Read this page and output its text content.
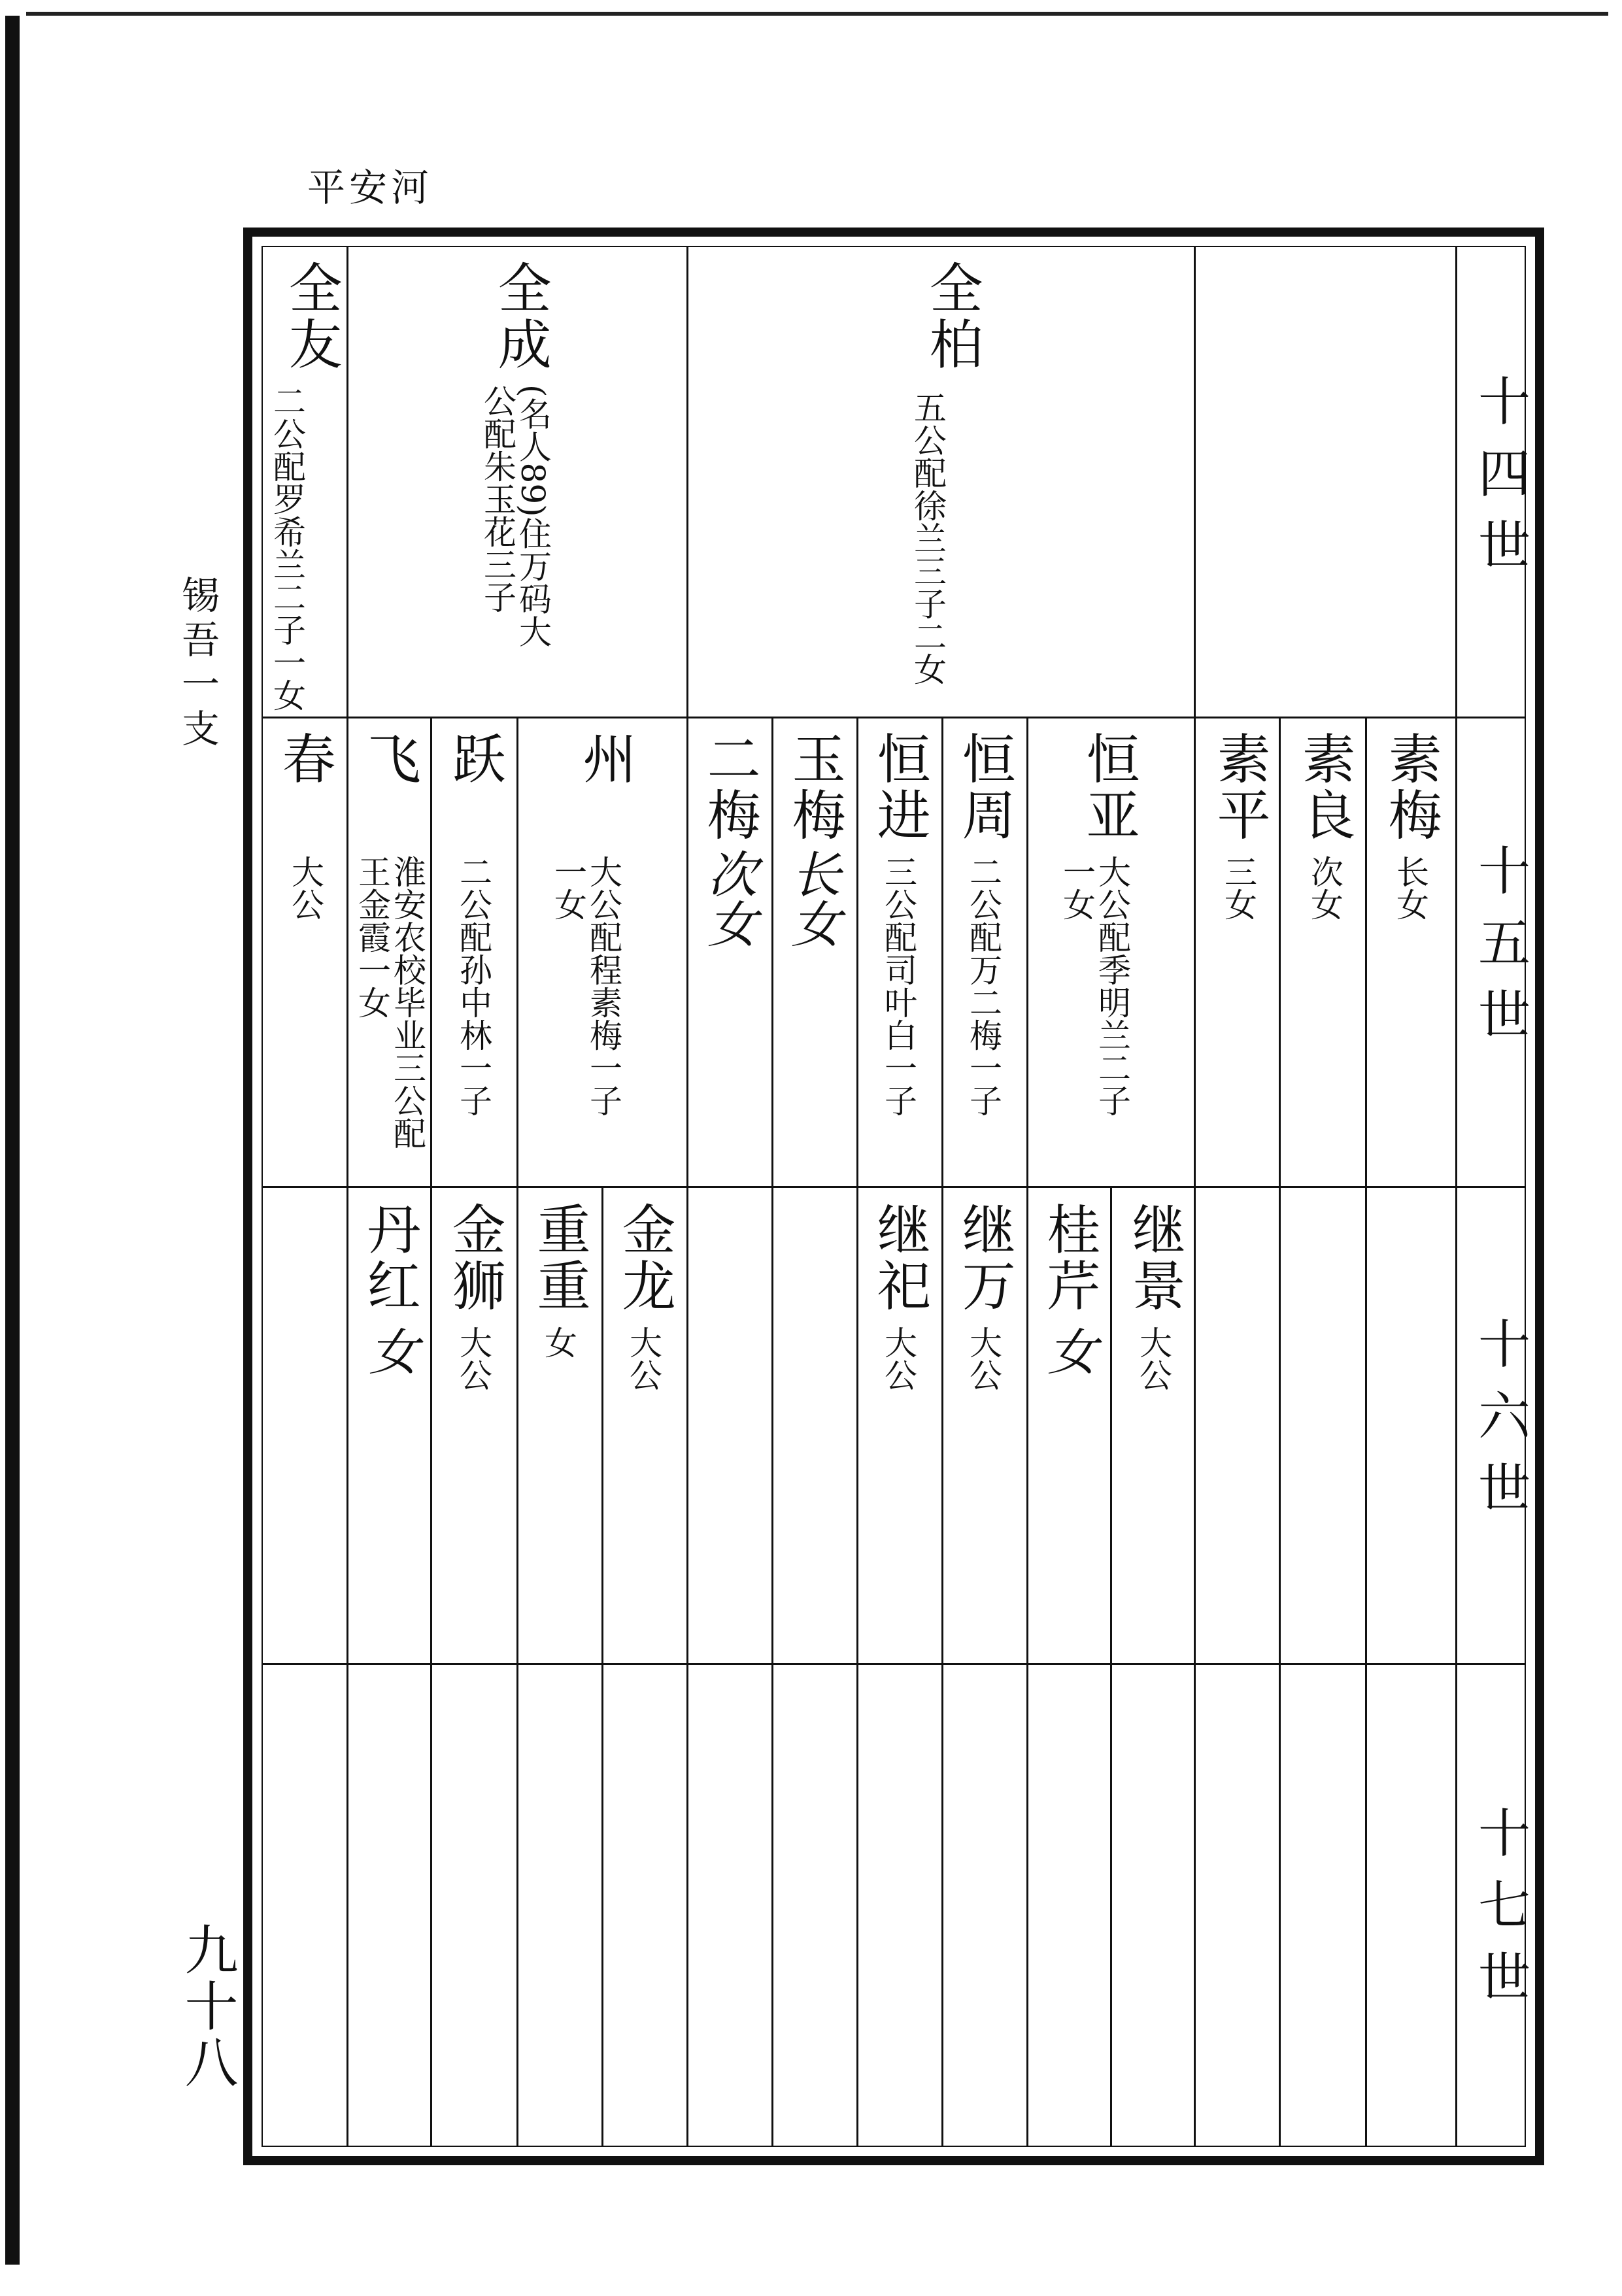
平安河
锡吾一支
九十八
十四世
十五世
十六世
十七世
全友
二公配罗希兰二子一女
全成
(名人89)住万码大公配朱玉花三子
全柏
五公配徐兰三子二女
春
大公
飞
淮安农校毕业三公配王金霞一女
跃
二公配孙中林一子
州
大公配程素梅一子一女
二梅
次女
玉梅
长女
恒进
三公配司叶白一子
恒周
二公配万二梅一子
恒亚
大公配季明兰二子一女
素平
三女
素良
次女
素梅
长女
丹红
女
金狮
大公
重重
女
金龙
大公
继祀
大公
继万
大公
桂芹
女
继景
大公
